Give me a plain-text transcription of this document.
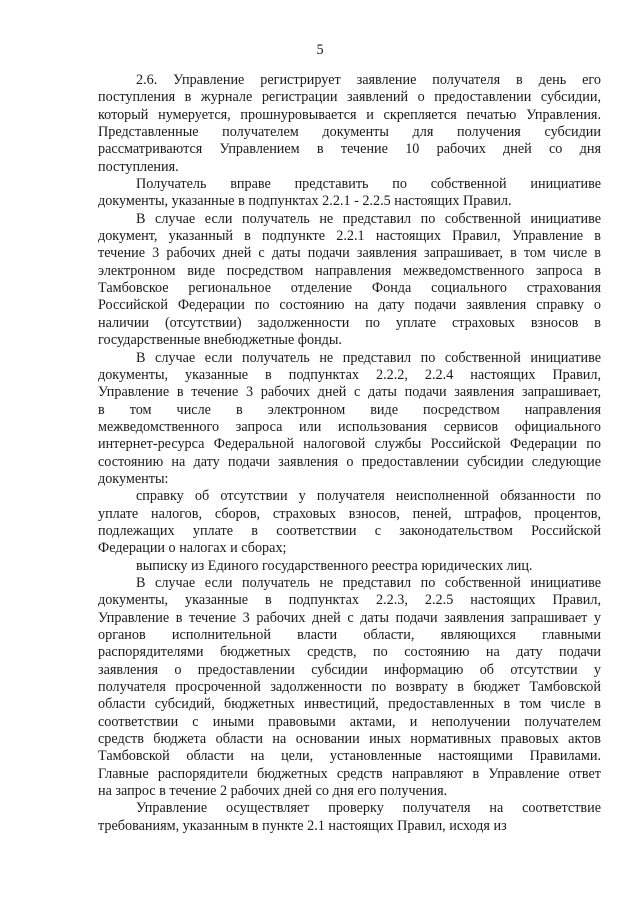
5
2.6. Управление регистрирует заявление получателя в день его
поступления в журнале регистрации заявлений о предоставлении субсидии,
который нумеруется, прошнуровывается и скрепляется печатью Управления.
Представленные получателем документы для получения субсидии
рассматриваются Управлением в течение 10 рабочих дней со дня
поступления.
Получатель вправе представить по собственной инициативе
документы, указанные в подпунктах 2.2.1 - 2.2.5 настоящих Правил.
В случае если получатель не представил по собственной инициативе
документ, указанный в подпункте 2.2.1 настоящих Правил, Управление в
течение 3 рабочих дней с даты подачи заявления запрашивает, в том числе в
электронном виде посредством направления межведомственного запроса в
Тамбовское региональное отделение Фонда социального страхования
Российской Федерации по состоянию на дату подачи заявления справку о
наличии (отсутствии) задолженности по уплате страховых взносов в
государственные внебюджетные фонды.
В случае если получатель не представил по собственной инициативе
документы, указанные в подпунктах 2.2.2, 2.2.4 настоящих Правил,
Управление в течение 3 рабочих дней с даты подачи заявления запрашивает,
в том числе в электронном виде посредством направления
межведомственного запроса или использования сервисов официального
интернет-ресурса Федеральной налоговой службы Российской Федерации по
состоянию на дату подачи заявления о предоставлении субсидии следующие
документы:
справку об отсутствии у получателя неисполненной обязанности по
уплате налогов, сборов, страховых взносов, пеней, штрафов, процентов,
подлежащих уплате в соответствии с законодательством Российской
Федерации о налогах и сборах;
выписку из Единого государственного реестра юридических лиц.
В случае если получатель не представил по собственной инициативе
документы, указанные в подпунктах 2.2.3, 2.2.5 настоящих Правил,
Управление в течение 3 рабочих дней с даты подачи заявления запрашивает у
органов исполнительной власти области, являющихся главными
распорядителями бюджетных средств, по состоянию на дату подачи
заявления о предоставлении субсидии информацию об отсутствии у
получателя просроченной задолженности по возврату в бюджет Тамбовской
области субсидий, бюджетных инвестиций, предоставленных в том числе в
соответствии с иными правовыми актами, и неполучении получателем
средств бюджета области на основании иных нормативных правовых актов
Тамбовской области на цели, установленные настоящими Правилами.
Главные распорядители бюджетных средств направляют в Управление ответ
на запрос в течение 2 рабочих дней со дня его получения.
Управление осуществляет проверку получателя на соответствие
требованиям, указанным в пункте 2.1 настоящих Правил, исходя из
